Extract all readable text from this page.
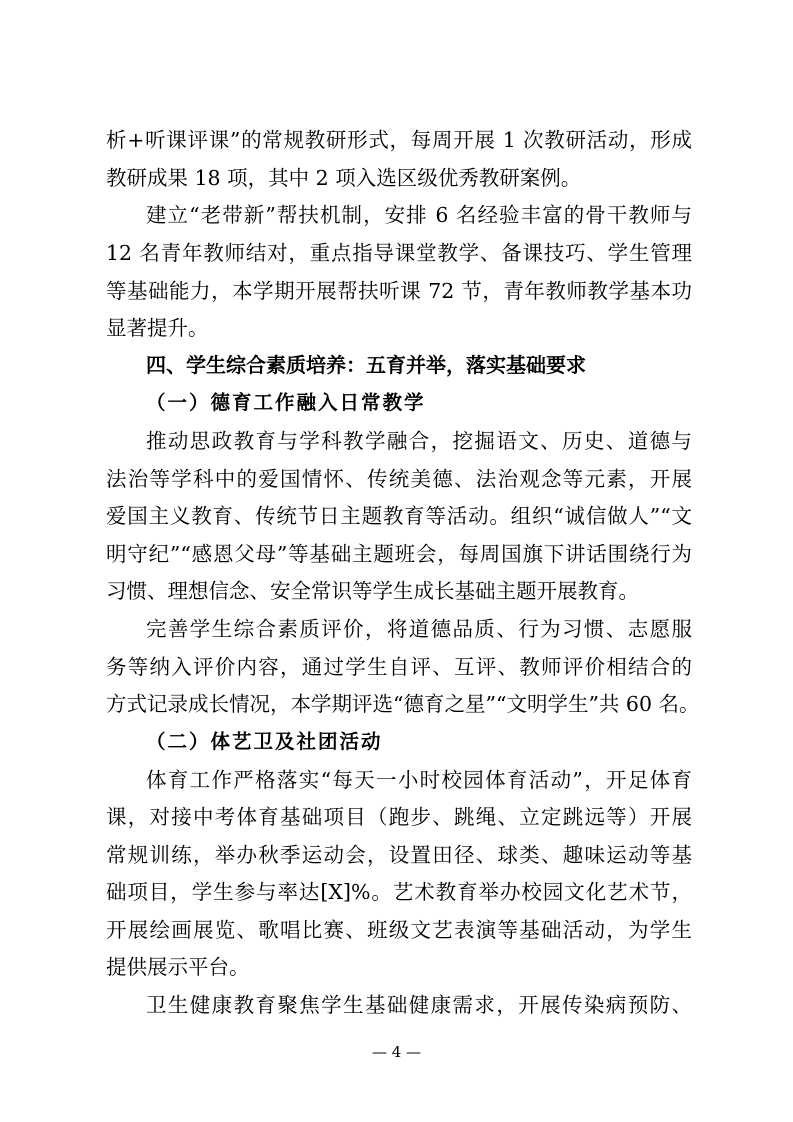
析+听课评课”的常规教研形式，每周开展 1 次教研活动，形成
教研成果 18 项，其中 2 项入选区级优秀教研案例。
建立“老带新”帮扶机制，安排 6 名经验丰富的骨干教师与
12 名青年教师结对，重点指导课堂教学、备课技巧、学生管理
等基础能力，本学期开展帮扶听课 72 节，青年教师教学基本功
显著提升。
四、学生综合素质培养：五育并举，落实基础要求
（一）德育工作融入日常教学
推动思政教育与学科教学融合，挖掘语文、历史、道德与
法治等学科中的爱国情怀、传统美德、法治观念等元素，开展
爱国主义教育、传统节日主题教育等活动。组织“诚信做人”“文
明守纪”“感恩父母”等基础主题班会，每周国旗下讲话围绕行为
习惯、理想信念、安全常识等学生成长基础主题开展教育。
完善学生综合素质评价，将道德品质、行为习惯、志愿服
务等纳入评价内容，通过学生自评、互评、教师评价相结合的
方式记录成长情况，本学期评选“德育之星”“文明学生”共 60 名。
（二）体艺卫及社团活动
体育工作严格落实“每天一小时校园体育活动”，开足体育
课，对接中考体育基础项目（跑步、跳绳、立定跳远等）开展
常规训练，举办秋季运动会，设置田径、球类、趣味运动等基
础项目，学生参与率达[X]%。艺术教育举办校园文化艺术节，
开展绘画展览、歌唱比赛、班级文艺表演等基础活动，为学生
提供展示平台。
卫生健康教育聚焦学生基础健康需求，开展传染病预防、
— 4 —
